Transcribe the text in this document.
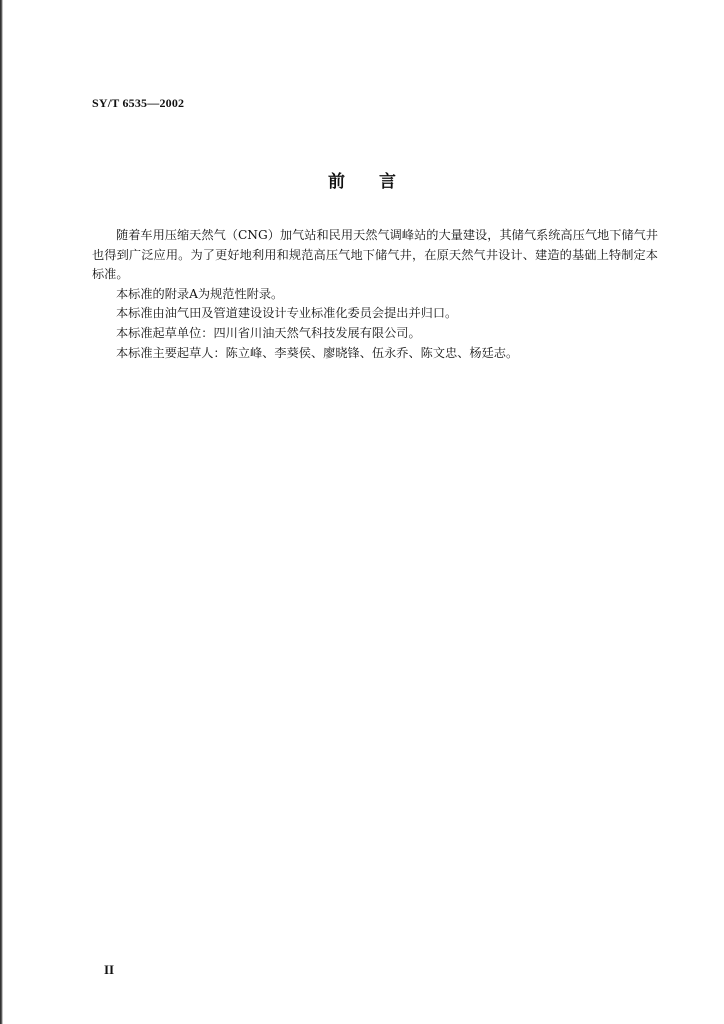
SY/T 6535—2002
前 言

随着车用压缩天然气（CNG）加气站和民用天然气调峰站的大量建设，其储气系统高压气地下储气井也得到广泛应用。为了更好地利用和规范高压气地下储气井，在原天然气井设计、建造的基础上特制定本标准。

本标准的附录A为规范性附录。

本标准由油气田及管道建设设计专业标准化委员会提出并归口。

本标准起草单位：四川省川油天然气科技发展有限公司。

本标准主要起草人：陈立峰、李葵侯、廖晓锋、伍永乔、陈文忠、杨廷志。

II
